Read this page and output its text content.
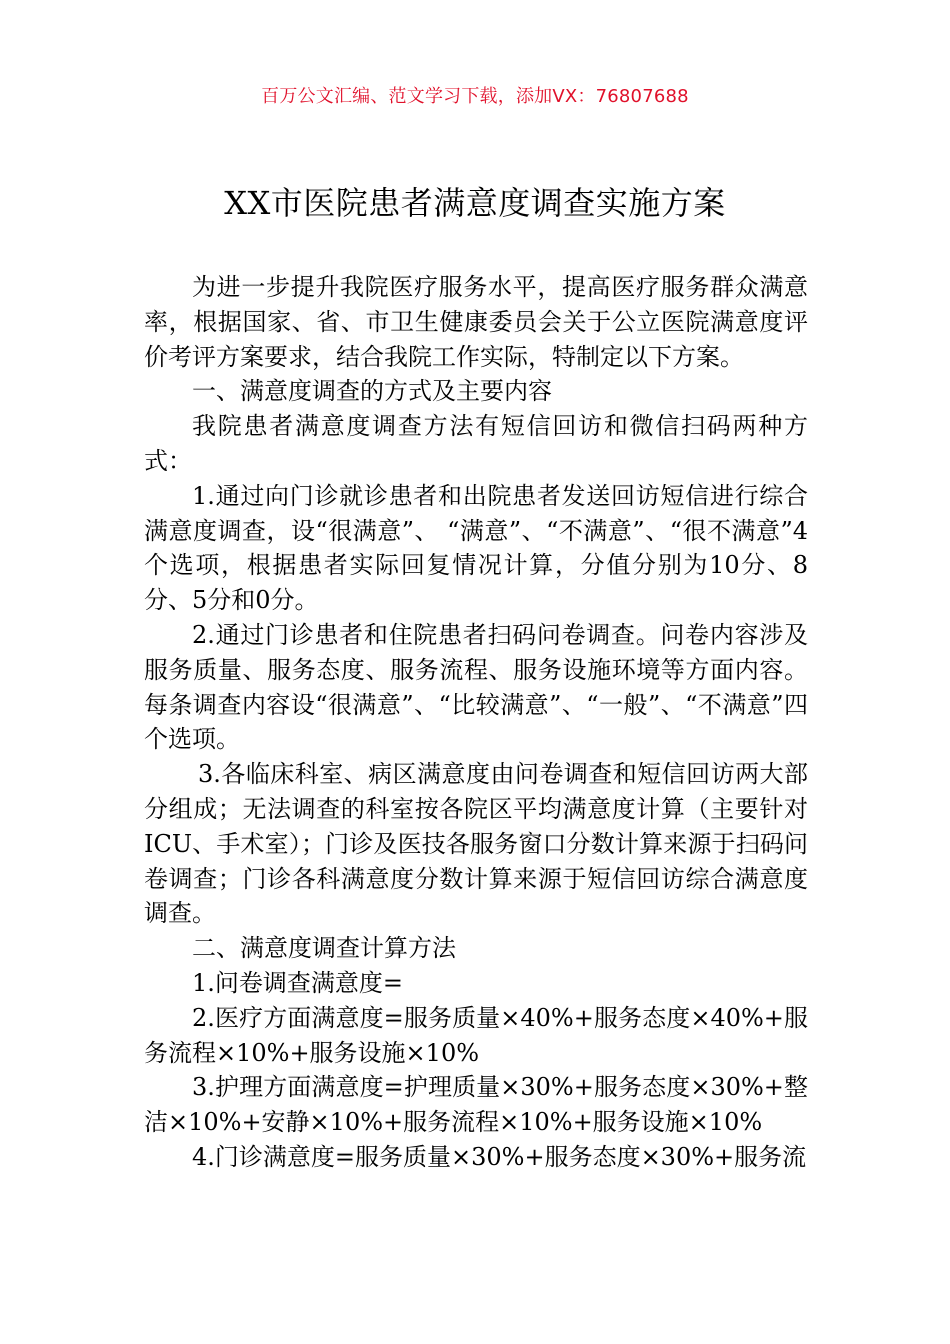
百万公文汇编、范文学习下载，添加VX：76807688
XX市医院患者满意度调查实施方案

为进一步提升我院医疗服务水平，提高医疗服务群众满意率，根据国家、省、市卫生健康委员会关于公立医院满意度评价考评方案要求，结合我院工作实际，特制定以下方案。

一、满意度调查的方式及主要内容

我院患者满意度调查方法有短信回访和微信扫码两种方式：

1.通过向门诊就诊患者和出院患者发送回访短信进行综合满意度调查，设“很满意”、 “满意”、“不满意”、“很不满意”4个选项，根据患者实际回复情况计算，分值分别为10分、8分、5分和0分。

2.通过门诊患者和住院患者扫码问卷调查。问卷内容涉及服务质量、服务态度、服务流程、服务设施环境等方面内容。每条调查内容设“很满意”、“比较满意”、“一般”、“不满意”四个选项。

3.各临床科室、病区满意度由问卷调查和短信回访两大部分组成；无法调查的科室按各院区平均满意度计算（主要针对ICU、手术室）；门诊及医技各服务窗口分数计算来源于扫码问卷调查；门诊各科满意度分数计算来源于短信回访综合满意度调查。

二、满意度调查计算方法

1.问卷调查满意度=

2.医疗方面满意度=服务质量×40%+服务态度×40%+服务流程×10%+服务设施×10%

3.护理方面满意度=护理质量×30%+服务态度×30%+整洁×10%+安静×10%+服务流程×10%+服务设施×10%

4.门诊满意度=服务质量×30%+服务态度×30%+服务流
